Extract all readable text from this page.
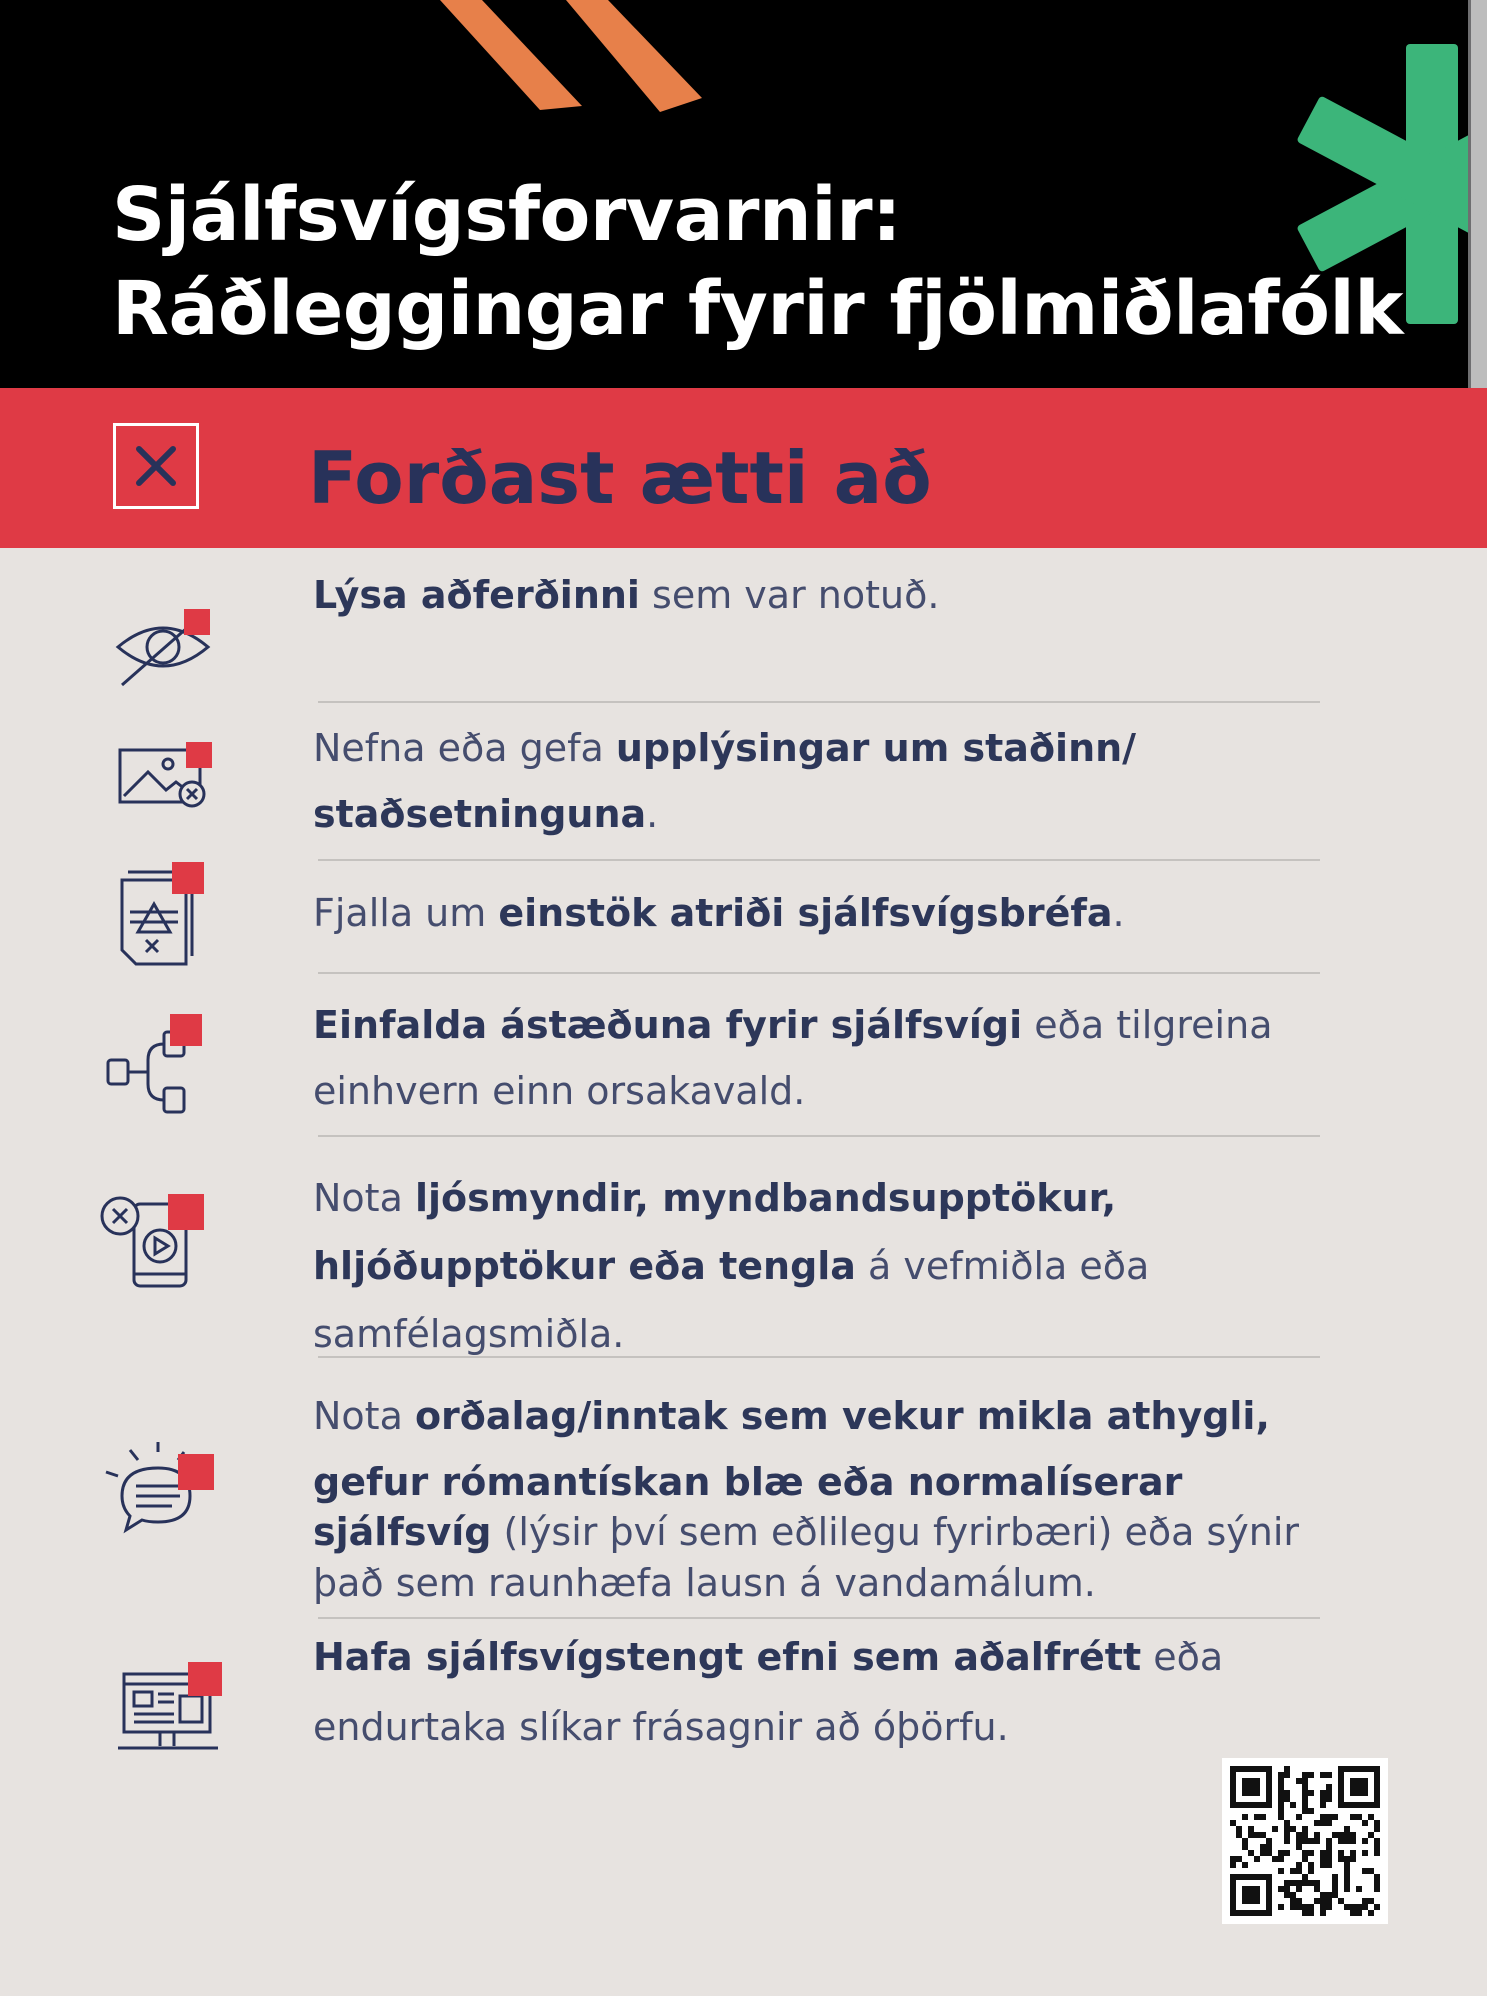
Sjálfsvígsforvarnir:
Ráðleggingar fyrir fjölmiðlafólk
Forðast ætti að
Lýsa aðferðinni sem var notuð.
Nefna eða gefa upplýsingar um staðinn/
staðsetninguna.
Fjalla um einstök atriði sjálfsvígsbréfa.
Einfalda ástæðuna fyrir sjálfsvígi eða tilgreina
einhvern einn orsakavald.
Nota ljósmyndir, myndbandsupptökur,
hljóðupptökur eða tengla á vefmiðla eða
samfélagsmiðla.
Nota orðalag/inntak sem vekur mikla athygli,
gefur rómantískan blæ eða normalíserar
sjálfsvíg (lýsir því sem eðlilegu fyrirbæri) eða sýnir
það sem raunhæfa lausn á vandamálum.
Hafa sjálfsvígstengt efni sem aðalfrétt eða
endurtaka slíkar frásagnir að óþörfu.
